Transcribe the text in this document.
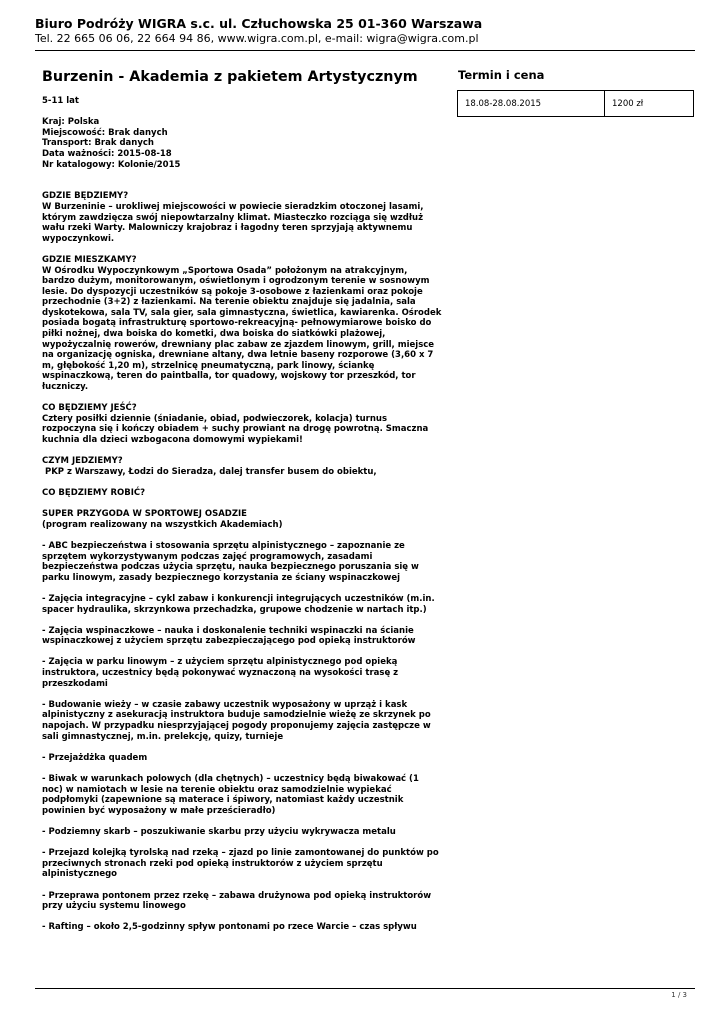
Biuro Podróży WIGRA s.c. ul. Człuchowska 25 01-360 Warszawa
Tel. 22 665 06 06, 22 664 94 86, www.wigra.com.pl, e-mail: wigra@wigra.com.pl
Burzenin - Akademia z pakietem Artystycznym	Termin i cena
18.08-28.08.2015	1200 zł

5-11 lat

Kraj: Polska

Miejscowość: Brak danych

Transport: Brak danych

Data ważności: 2015-08-18

Nr katalogowy: Kolonie/2015

GDZIE BĘDZIEMY?

W Burzeninie – urokliwej miejscowości w powiecie sieradzkim otoczonej lasami, którym zawdzięcza swój niepowtarzalny klimat. Miasteczko rozciąga się wzdłuż wału rzeki Warty. Malowniczy krajobraz i łagodny teren sprzyjają aktywnemu wypoczynkowi.

GDZIE MIESZKAMY?

W Ośrodku Wypoczynkowym „Sportowa Osada” położonym na atrakcyjnym, bardzo dużym, monitorowanym, oświetlonym i ogrodzonym terenie w sosnowym lesie. Do dyspozycji uczestników są pokoje 3-osobowe z łazienkami oraz pokoje przechodnie (3+2) z łazienkami. Na terenie obiektu znajduje się jadalnia, sala dyskotekowa, sala TV, sala gier, sala gimnastyczna, świetlica, kawiarenka. Ośrodek posiada bogatą infrastrukturę sportowo-rekreacyjną- pełnowymiarowe boisko do piłki nożnej, dwa boiska do kometki, dwa boiska do siatkówki plażowej, wypożyczalnię rowerów, drewniany plac zabaw ze zjazdem linowym, grill, miejsce na organizację ogniska, drewniane altany, dwa letnie baseny rozporowe (3,60 x 7 m, głębokość 1,20 m), strzelnicę pneumatyczną, park linowy, ściankę wspinaczkową, teren do paintballa, tor quadowy, wojskowy tor przeszkód, tor łuczniczy.

CO BĘDZIEMY JEŚĆ?

Cztery posiłki dziennie (śniadanie, obiad, podwieczorek, kolacja) turnus rozpoczyna się i kończy obiadem + suchy prowiant na drogę powrotną. Smaczna kuchnia dla dzieci wzbogacona domowymi wypiekami!

CZYM JEDZIEMY?

PKP z Warszawy, Łodzi do Sieradza, dalej transfer busem do obiektu,

CO BĘDZIEMY ROBIĆ?

SUPER PRZYGODA W SPORTOWEJ OSADZIE

(program realizowany na wszystkich Akademiach)

- ABC bezpieczeństwa i stosowania sprzętu alpinistycznego – zapoznanie ze sprzętem wykorzystywanym podczas zajęć programowych, zasadami bezpieczeństwa podczas użycia sprzętu, nauka bezpiecznego poruszania się w parku linowym, zasady bezpiecznego korzystania ze ściany wspinaczkowej

- Zajęcia integracyjne – cykl zabaw i konkurencji integrujących uczestników (m.in. spacer hydraulika, skrzynkowa przechadzka, grupowe chodzenie w nartach itp.)

- Zajęcia wspinaczkowe – nauka i doskonalenie techniki wspinaczki na ścianie wspinaczkowej z użyciem sprzętu zabezpieczającego pod opieką instruktorów

- Zajęcia w parku linowym – z użyciem sprzętu alpinistycznego pod opieką instruktora, uczestnicy będą pokonywać wyznaczoną na wysokości trasę z przeszkodami

- Budowanie wieży – w czasie zabawy uczestnik wyposażony w uprząż i kask alpinistyczny z asekuracją instruktora buduje samodzielnie wieżę ze skrzynek po napojach. W przypadku niesprzyjającej pogody proponujemy zajęcia zastępcze w sali gimnastycznej, m.in. prelekcję, quizy, turnieje

- Przejażdżka quadem

- Biwak w warunkach polowych (dla chętnych) – uczestnicy będą biwakować (1 noc) w namiotach w lesie na terenie obiektu oraz samodzielnie wypiekać podpłomyki (zapewnione są materace i śpiwory, natomiast każdy uczestnik powinien być wyposażony w małe prześcieradło)

- Podziemny skarb – poszukiwanie skarbu przy użyciu wykrywacza metalu

- Przejazd kolejką tyrolską nad rzeką – zjazd po linie zamontowanej do punktów po przeciwnych stronach rzeki pod opieką instruktorów z użyciem sprzętu alpinistycznego

- Przeprawa pontonem przez rzekę – zabawa drużynowa pod opieką instruktorów przy użyciu systemu linowego

- Rafting – około 2,5-godzinny spływ pontonami po rzece Warcie – czas spływu

1 / 3
